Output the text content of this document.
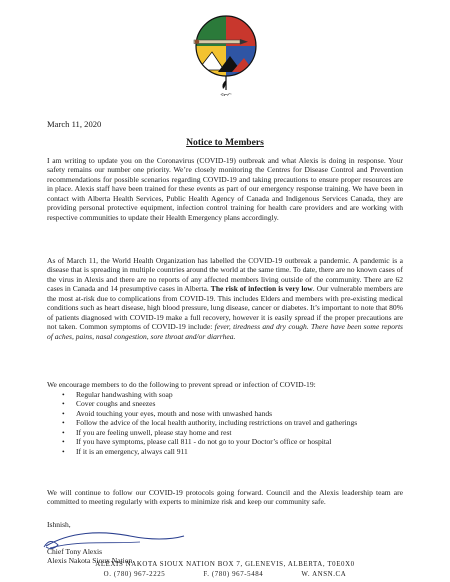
ᐊᓕᓯᐢ
March 11, 2020
Notice to Members

I am writing to update you on the Coronavirus (COVID-19) outbreak and what Alexis is doing in response. Your safety remains our number one priority. We’re closely monitoring the Centres for Disease Control and Prevention recommendations for possible scenarios regarding COVID-19 and taking precautions to ensure proper resources are in place. Alexis staff have been trained for these events as part of our emergency response training. We have been in contact with Alberta Health Services, Public Health Agency of Canada and Indigenous Services Canada, they are providing personal protective equipment, infection control training for health care providers and are working with respective communities to update their Health Emergency plans accordingly.

As of March 11, the World Health Organization has labelled the COVID-19 outbreak a pandemic. A pandemic is a disease that is spreading in multiple countries around the world at the same time. To date, there are no known cases of the virus in Alexis and there are no reports of any affected members living outside of the community. There are 62 cases in Canada and 14 presumptive cases in Alberta. The risk of infection is very low. Our vulnerable members are the most at-risk due to complications from COVID-19. This includes Elders and members with pre-existing medical conditions such as heart disease, high blood pressure, lung disease, cancer or diabetes. It’s important to note that 80% of patients diagnosed with COVID-19 make a full recovery, however it is easily spread if the proper precautions are not taken. Common symptoms of COVID-19 include: fever, tiredness and dry cough. There have been some reports of aches, pains, nasal congestion, sore throat and/or diarrhea.

We encourage members to do the following to prevent spread or infection of COVID-19:

• Regular handwashing with soap
• Cover coughs and sneezes
• Avoid touching your eyes, mouth and nose with unwashed hands
• Follow the advice of the local health authority, including restrictions on travel and gatherings
• If you are feeling unwell, please stay home and rest
• If you have symptoms, please call 811 - do not go to your Doctor’s office or hospital
• If it is an emergency, always call 911

We will continue to follow our COVID-19 protocols going forward. Council and the Alexis leadership team are committed to meeting regularly with experts to minimize risk and keep our community safe.

Ishnish,
Chief Tony Alexis
Alexis Nakota Sioux Nation
ALEXIS NAKOTA SIOUX NATION BOX 7, GLENEVIS, ALBERTA, T0E0X0
O. (780) 967-2225	F. (780) 967-5484	W. ANSN.CA
